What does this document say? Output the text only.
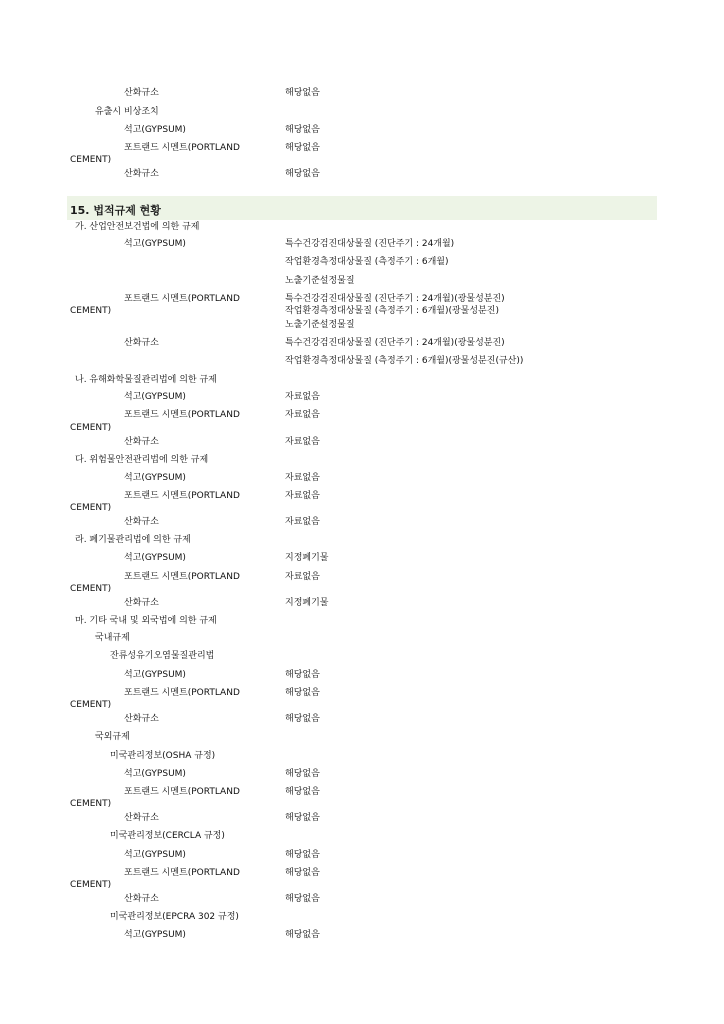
산화규소	해당없음
유출시 비상조치
석고(GYPSUM)	해당없음
포트랜드 시멘트(PORTLAND	해당없음
CEMENT)
산화규소	해당없음
15. 법적규제 현황
가. 산업안전보건법에 의한 규제
석고(GYPSUM)	특수건강검진대상물질 (진단주기 : 24개월)
작업환경측정대상물질 (측정주기 : 6개월)
노출기준설정물질
포트랜드 시멘트(PORTLAND	특수건강검진대상물질 (진단주기 : 24개월)(광물성분진)
CEMENT)	작업환경측정대상물질 (측정주기 : 6개월)(광물성분진)
노출기준설정물질
산화규소	특수건강검진대상물질 (진단주기 : 24개월)(광물성분진)
작업환경측정대상물질 (측정주기 : 6개월)(광물성분진(규산))
나. 유해화학물질관리법에 의한 규제
석고(GYPSUM)	자료없음
포트랜드 시멘트(PORTLAND	자료없음
CEMENT)
산화규소	자료없음
다. 위험물안전관리법에 의한 규제
석고(GYPSUM)	자료없음
포트랜드 시멘트(PORTLAND	자료없음
CEMENT)
산화규소	자료없음
라. 폐기물관리법에 의한 규제
석고(GYPSUM)	지정폐기물
포트랜드 시멘트(PORTLAND	자료없음
CEMENT)
산화규소	지정폐기물
마. 기타 국내 및 외국법에 의한 규제
국내규제
잔류성유기오염물질관리법
석고(GYPSUM)	해당없음
포트랜드 시멘트(PORTLAND	해당없음
CEMENT)
산화규소	해당없음
국외규제
미국관리정보(OSHA 규정)
석고(GYPSUM)	해당없음
포트랜드 시멘트(PORTLAND	해당없음
CEMENT)
산화규소	해당없음
미국관리정보(CERCLA 규정)
석고(GYPSUM)	해당없음
포트랜드 시멘트(PORTLAND	해당없음
CEMENT)
산화규소	해당없음
미국관리정보(EPCRA 302 규정)
석고(GYPSUM)	해당없음
